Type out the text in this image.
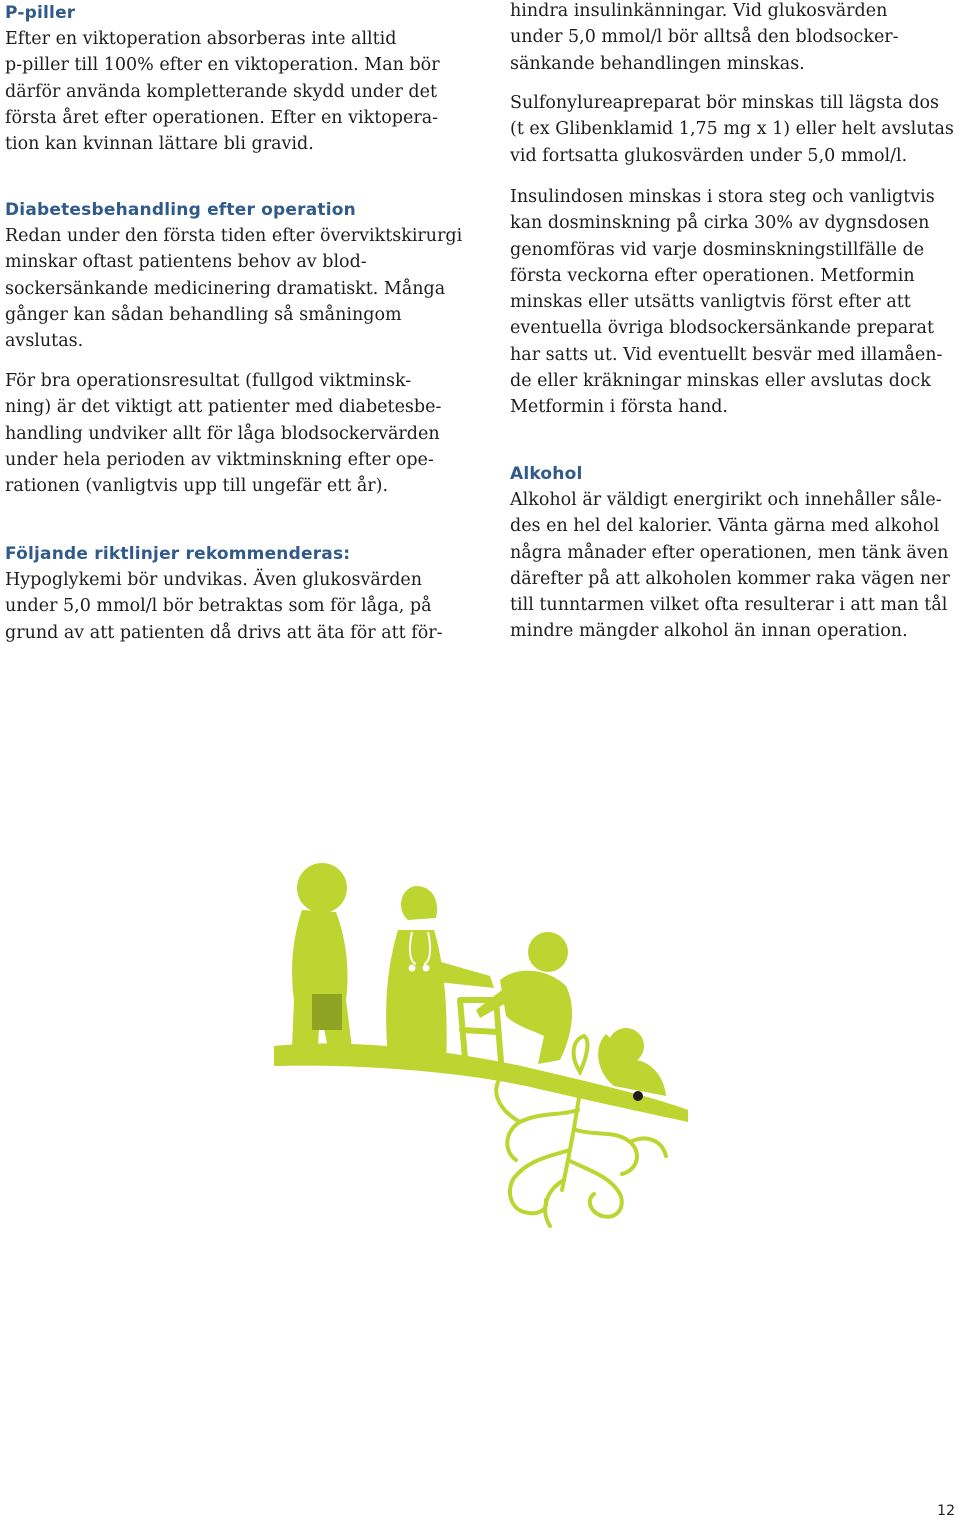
P-piller
Efter en viktoperation absorberas inte alltid
p-piller till 100% efter en viktoperation. Man bör
därför använda kompletterande skydd under det
första året efter operationen. Efter en viktopera-
tion kan kvinnan lättare bli gravid.
Diabetesbehandling efter operation
Redan under den första tiden efter överviktskirurgi
minskar oftast patientens behov av blod-
sockersänkande medicinering dramatiskt. Många
gånger kan sådan behandling så småningom
avslutas.
För bra operationsresultat (fullgod viktminsk-
ning) är det viktigt att patienter med diabetesbe-
handling undviker allt för låga blodsockervärden
under hela perioden av viktminskning efter ope-
rationen (vanligtvis upp till ungefär ett år).
Följande riktlinjer rekommenderas:
Hypoglykemi bör undvikas. Även glukosvärden
under 5,0 mmol/l bör betraktas som för låga, på
grund av att patienten då drivs att äta för att för-
hindra insulinkänningar. Vid glukosvärden
under 5,0 mmol/l bör alltså den blodsocker-
sänkande behandlingen minskas.
Sulfonylureapreparat bör minskas till lägsta dos
(t ex Glibenklamid 1,75 mg x 1) eller helt avslutas
vid fortsatta glukosvärden under 5,0 mmol/l.
Insulindosen minskas i stora steg och vanligtvis
kan dosminskning på cirka 30% av dygnsdosen
genomföras vid varje dosminskningstillfälle de
första veckorna efter operationen. Metformin
minskas eller utsätts vanligtvis först efter att
eventuella övriga blodsockersänkande preparat
har satts ut. Vid eventuellt besvär med illamåen-
de eller kräkningar minskas eller avslutas dock
Metformin i första hand.
Alkohol
Alkohol är väldigt energirikt och innehåller såle-
des en hel del kalorier. Vänta gärna med alkohol
några månader efter operationen, men tänk även
därefter på att alkoholen kommer raka vägen ner
till tunntarmen vilket ofta resulterar i att man tål
mindre mängder alkohol än innan operation.
12
